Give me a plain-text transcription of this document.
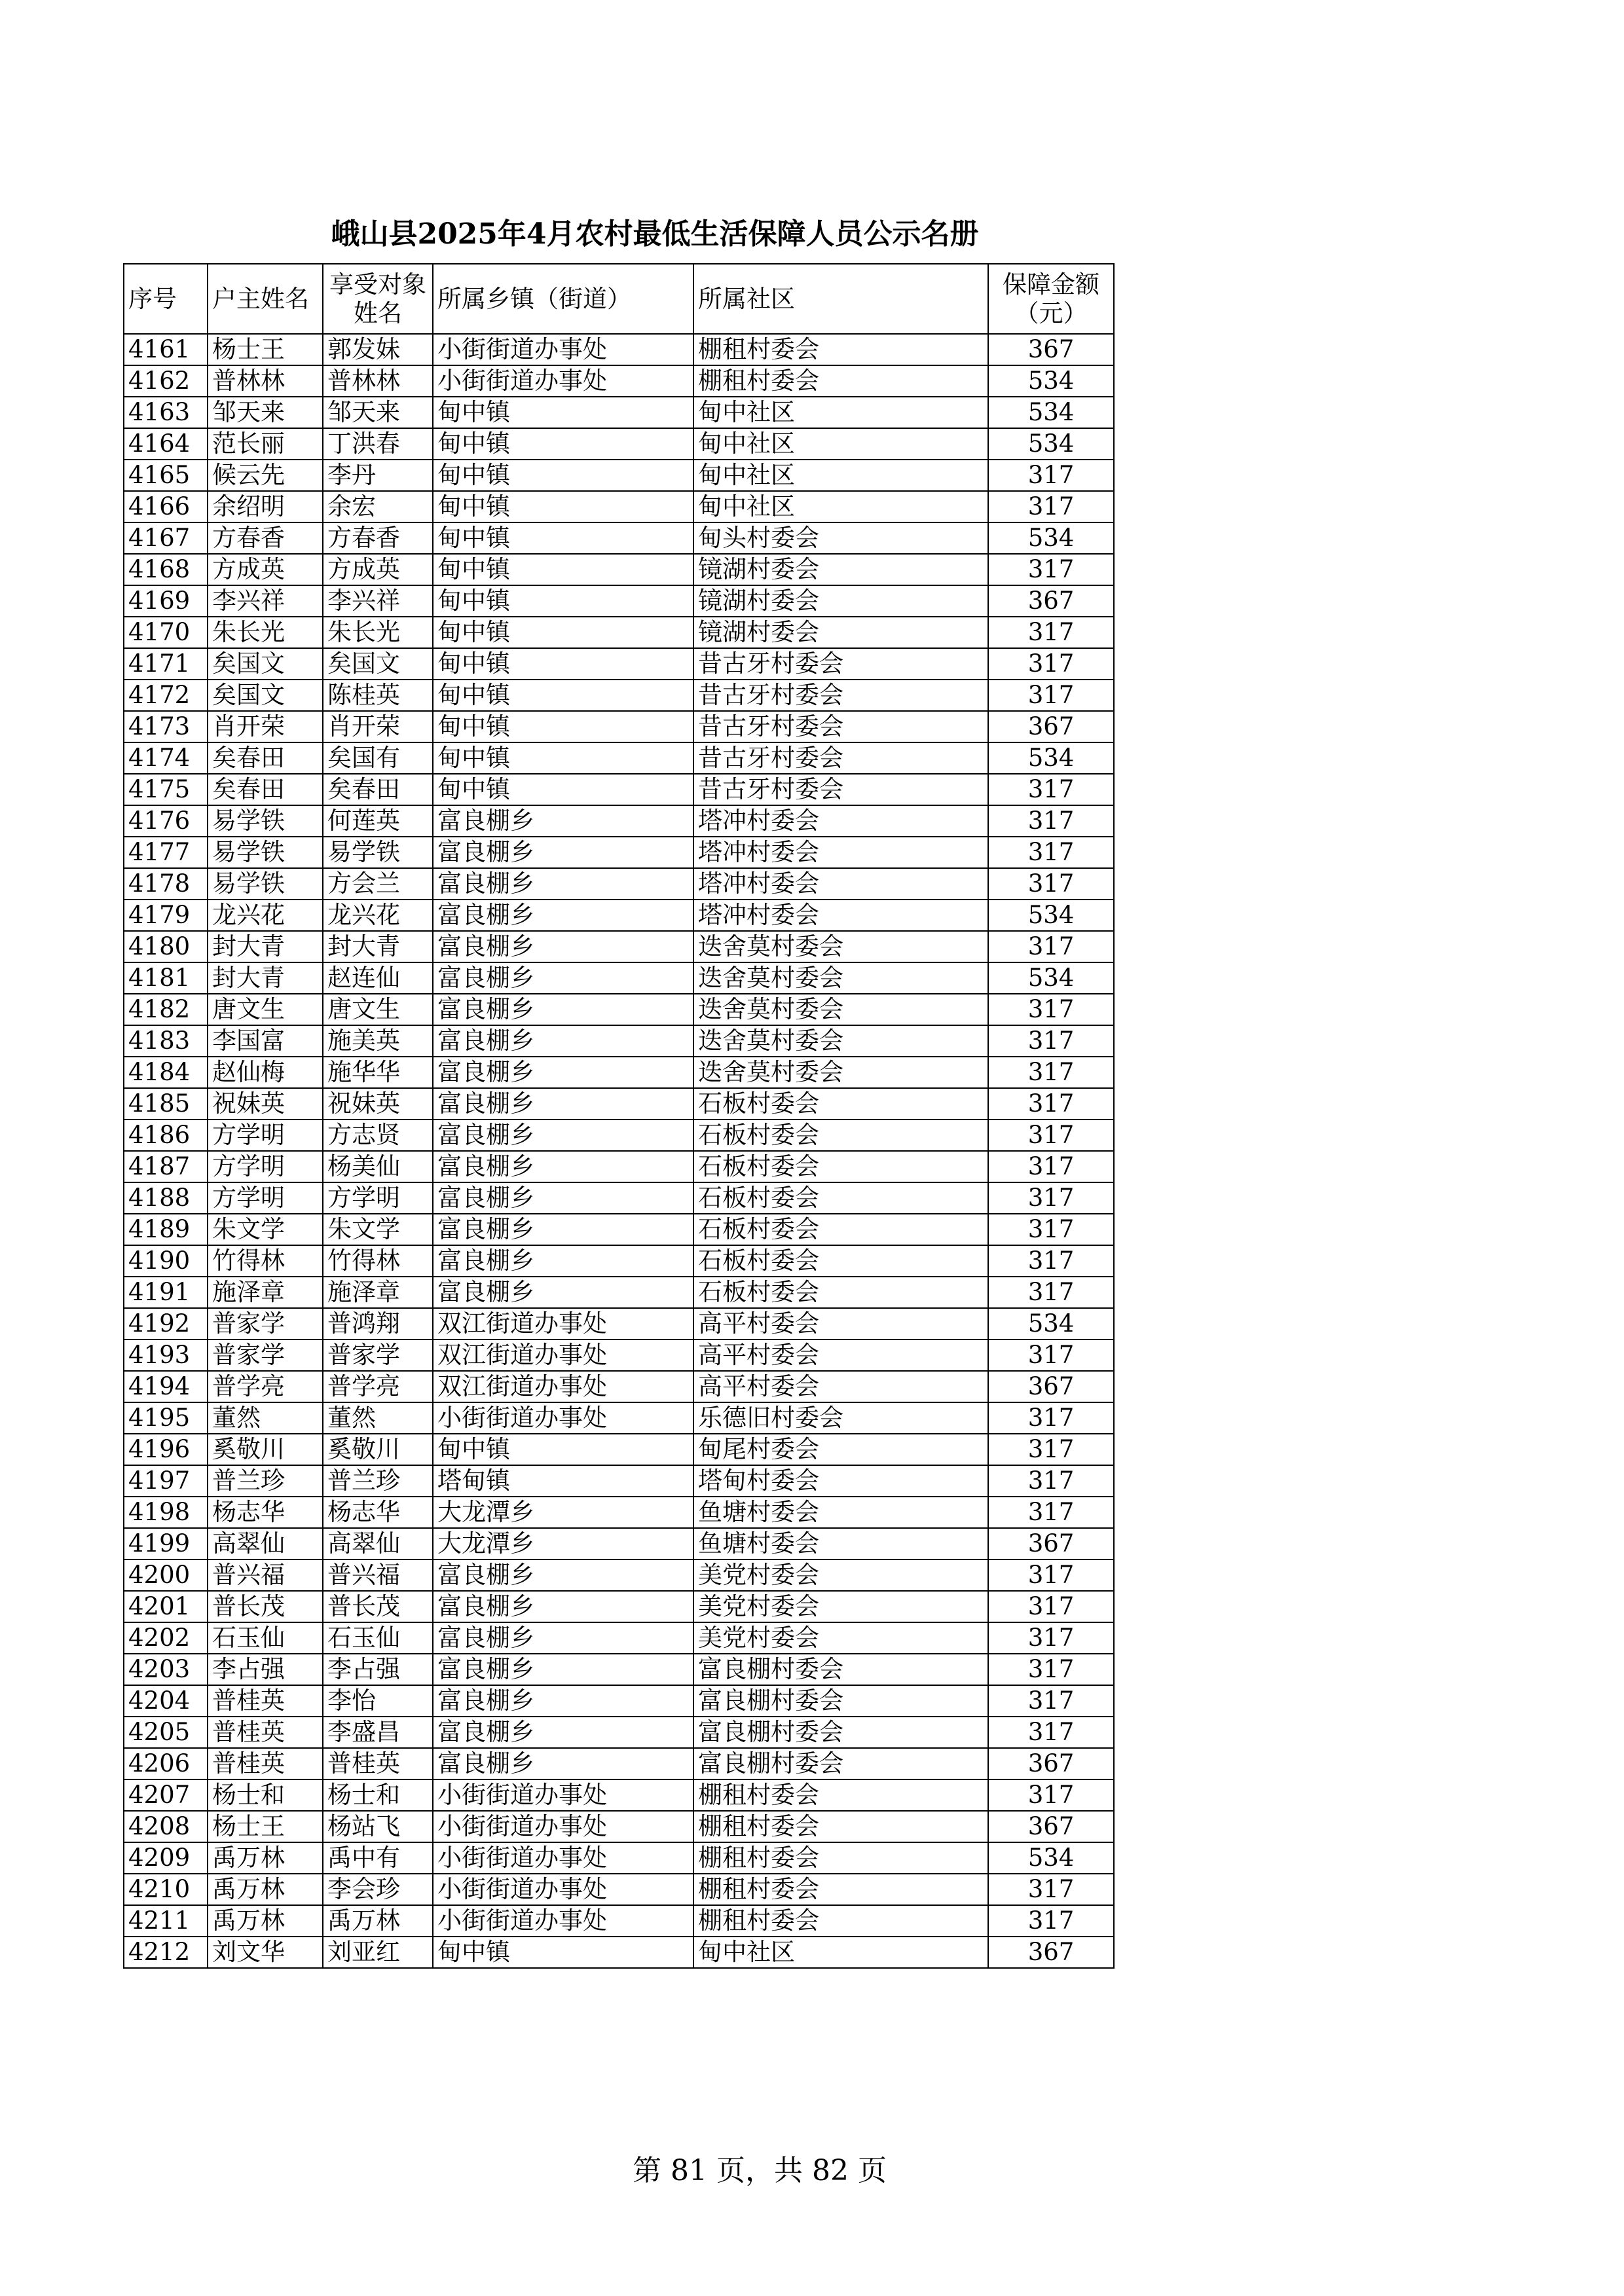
峨山县2025年4月农村最低生活保障人员公示名册
序号	户主姓名	享受对象姓名	所属乡镇（街道）	所属社区	保障金额（元）
4161	杨士王	郭发妹	小街街道办事处	棚租村委会	367
4162	普林林	普林林	小街街道办事处	棚租村委会	534
4163	邹天来	邹天来	甸中镇	甸中社区	534
4164	范长丽	丁洪春	甸中镇	甸中社区	534
4165	候云先	李丹	甸中镇	甸中社区	317
4166	余绍明	余宏	甸中镇	甸中社区	317
4167	方春香	方春香	甸中镇	甸头村委会	534
4168	方成英	方成英	甸中镇	镜湖村委会	317
4169	李兴祥	李兴祥	甸中镇	镜湖村委会	367
4170	朱长光	朱长光	甸中镇	镜湖村委会	317
4171	矣国文	矣国文	甸中镇	昔古牙村委会	317
4172	矣国文	陈桂英	甸中镇	昔古牙村委会	317
4173	肖开荣	肖开荣	甸中镇	昔古牙村委会	367
4174	矣春田	矣国有	甸中镇	昔古牙村委会	534
4175	矣春田	矣春田	甸中镇	昔古牙村委会	317
4176	易学铁	何莲英	富良棚乡	塔冲村委会	317
4177	易学铁	易学铁	富良棚乡	塔冲村委会	317
4178	易学铁	方会兰	富良棚乡	塔冲村委会	317
4179	龙兴花	龙兴花	富良棚乡	塔冲村委会	534
4180	封大青	封大青	富良棚乡	迭舍莫村委会	317
4181	封大青	赵连仙	富良棚乡	迭舍莫村委会	534
4182	唐文生	唐文生	富良棚乡	迭舍莫村委会	317
4183	李国富	施美英	富良棚乡	迭舍莫村委会	317
4184	赵仙梅	施华华	富良棚乡	迭舍莫村委会	317
4185	祝妹英	祝妹英	富良棚乡	石板村委会	317
4186	方学明	方志贤	富良棚乡	石板村委会	317
4187	方学明	杨美仙	富良棚乡	石板村委会	317
4188	方学明	方学明	富良棚乡	石板村委会	317
4189	朱文学	朱文学	富良棚乡	石板村委会	317
4190	竹得林	竹得林	富良棚乡	石板村委会	317
4191	施泽章	施泽章	富良棚乡	石板村委会	317
4192	普家学	普鸿翔	双江街道办事处	高平村委会	534
4193	普家学	普家学	双江街道办事处	高平村委会	317
4194	普学亮	普学亮	双江街道办事处	高平村委会	367
4195	董然	董然	小街街道办事处	乐德旧村委会	317
4196	奚敬川	奚敬川	甸中镇	甸尾村委会	317
4197	普兰珍	普兰珍	塔甸镇	塔甸村委会	317
4198	杨志华	杨志华	大龙潭乡	鱼塘村委会	317
4199	高翠仙	高翠仙	大龙潭乡	鱼塘村委会	367
4200	普兴福	普兴福	富良棚乡	美党村委会	317
4201	普长茂	普长茂	富良棚乡	美党村委会	317
4202	石玉仙	石玉仙	富良棚乡	美党村委会	317
4203	李占强	李占强	富良棚乡	富良棚村委会	317
4204	普桂英	李怡	富良棚乡	富良棚村委会	317
4205	普桂英	李盛昌	富良棚乡	富良棚村委会	317
4206	普桂英	普桂英	富良棚乡	富良棚村委会	367
4207	杨士和	杨士和	小街街道办事处	棚租村委会	317
4208	杨士王	杨站飞	小街街道办事处	棚租村委会	367
4209	禹万林	禹中有	小街街道办事处	棚租村委会	534
4210	禹万林	李会珍	小街街道办事处	棚租村委会	317
4211	禹万林	禹万林	小街街道办事处	棚租村委会	317
4212	刘文华	刘亚红	甸中镇	甸中社区	367
第 81 页，共 82 页
